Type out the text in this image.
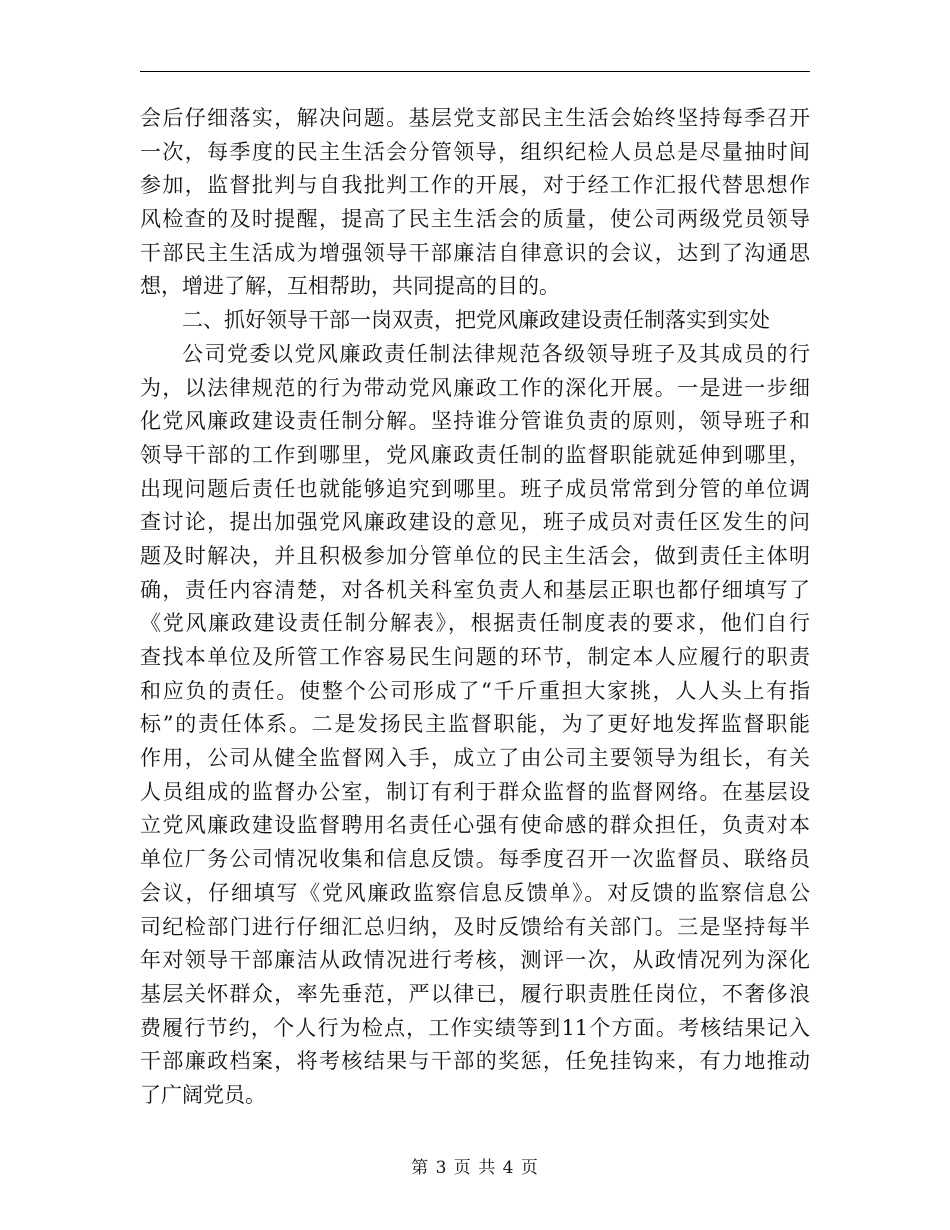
会后仔细落实，解决问题。基层党支部民主生活会始终坚持每季召开
一次，每季度的民主生活会分管领导，组织纪检人员总是尽量抽时间
参加，监督批判与自我批判工作的开展，对于经工作汇报代替思想作
风检查的及时提醒，提高了民主生活会的质量，使公司两级党员领导
干部民主生活成为增强领导干部廉洁自律意识的会议，达到了沟通思
想，增进了解，互相帮助，共同提高的目的。
二、抓好领导干部一岗双责，把党风廉政建设责任制落实到实处
公司党委以党风廉政责任制法律规范各级领导班子及其成员的行
为，以法律规范的行为带动党风廉政工作的深化开展。一是进一步细
化党风廉政建设责任制分解。坚持谁分管谁负责的原则，领导班子和
领导干部的工作到哪里，党风廉政责任制的监督职能就延伸到哪里，
出现问题后责任也就能够追究到哪里。班子成员常常到分管的单位调
查讨论，提出加强党风廉政建设的意见，班子成员对责任区发生的问
题及时解决，并且积极参加分管单位的民主生活会，做到责任主体明
确，责任内容清楚，对各机关科室负责人和基层正职也都仔细填写了
《党风廉政建设责任制分解表》，根据责任制度表的要求，他们自行
查找本单位及所管工作容易民生问题的环节，制定本人应履行的职责
和应负的责任。使整个公司形成了“千斤重担大家挑，人人头上有指
标”的责任体系。二是发扬民主监督职能，为了更好地发挥监督职能
作用，公司从健全监督网入手，成立了由公司主要领导为组长，有关
人员组成的监督办公室，制订有利于群众监督的监督网络。在基层设
立党风廉政建设监督聘用名责任心强有使命感的群众担任，负责对本
单位厂务公司情况收集和信息反馈。每季度召开一次监督员、联络员
会议，仔细填写《党风廉政监察信息反馈单》。对反馈的监察信息公
司纪检部门进行仔细汇总归纳，及时反馈给有关部门。三是坚持每半
年对领导干部廉洁从政情况进行考核，测评一次，从政情况列为深化
基层关怀群众，率先垂范，严以律已，履行职责胜任岗位，不奢侈浪
费履行节约，个人行为检点，工作实绩等到11个方面。考核结果记入
干部廉政档案，将考核结果与干部的奖惩，任免挂钩来，有力地推动
了广阔党员。
第 3 页 共 4 页
